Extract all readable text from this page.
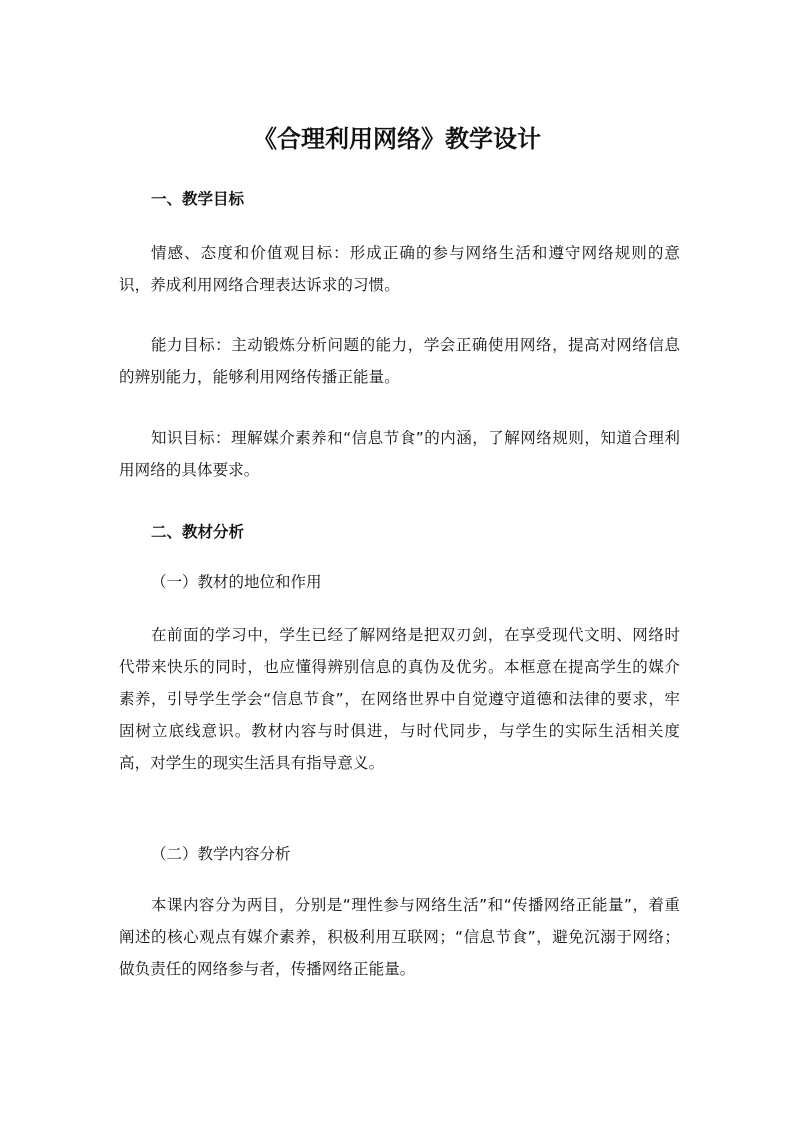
《合理利用网络》教学设计
一、教学目标
情感、态度和价值观目标：形成正确的参与网络生活和遵守网络规则的意识，养成利用网络合理表达诉求的习惯。
能力目标：主动锻炼分析问题的能力，学会正确使用网络，提高对网络信息的辨别能力，能够利用网络传播正能量。
知识目标：理解媒介素养和“信息节食”的内涵，了解网络规则，知道合理利用网络的具体要求。
二、教材分析
（一）教材的地位和作用
在前面的学习中，学生已经了解网络是把双刃剑，在享受现代文明、网络时代带来快乐的同时，也应懂得辨别信息的真伪及优劣。本框意在提高学生的媒介素养，引导学生学会“信息节食”，在网络世界中自觉遵守道德和法律的要求，牢固树立底线意识。教材内容与时俱进，与时代同步，与学生的实际生活相关度高，对学生的现实生活具有指导意义。
（二）教学内容分析
本课内容分为两目，分别是“理性参与网络生活”和“传播网络正能量”，着重阐述的核心观点有媒介素养，积极利用互联网；“信息节食”，避免沉溺于网络；做负责任的网络参与者，传播网络正能量。
